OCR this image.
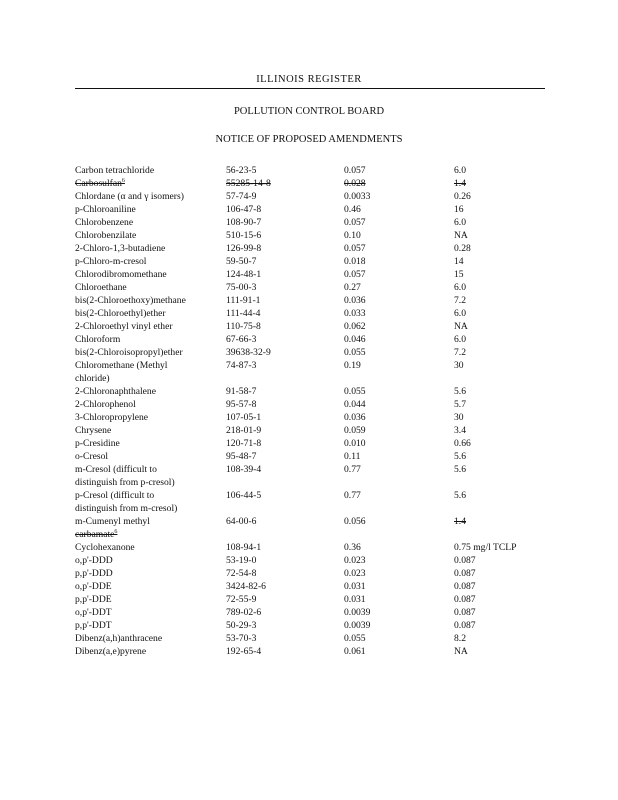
ILLINOIS REGISTER
POLLUTION CONTROL BOARD
NOTICE OF PROPOSED AMENDMENTS
Carbon tetrachloride	56-23-5	0.057	6.0
Carbosulfan$^6$	55285-14-8	0.028	1.4
Chlordane (α and γ isomers)	57-74-9	0.0033	0.26
p-Chloroaniline	106-47-8	0.46	16
Chlorobenzene	108-90-7	0.057	6.0
Chlorobenzilate	510-15-6	0.10	NA
2-Chloro-1,3-butadiene	126-99-8	0.057	0.28
p-Chloro-m-cresol	59-50-7	0.018	14
Chlorodibromomethane	124-48-1	0.057	15
Chloroethane	75-00-3	0.27	6.0
bis(2-Chloroethoxy)methane	111-91-1	0.036	7.2
bis(2-Chloroethyl)ether	111-44-4	0.033	6.0
2-Chloroethyl vinyl ether	110-75-8	0.062	NA
Chloroform	67-66-3	0.046	6.0
bis(2-Chloroisopropyl)ether	39638-32-9	0.055	7.2
Chloromethane (Methyl	74-87-3	0.19	30
chloride)
2-Chloronaphthalene	91-58-7	0.055	5.6
2-Chlorophenol	95-57-8	0.044	5.7
3-Chloropropylene	107-05-1	0.036	30
Chrysene	218-01-9	0.059	3.4
p-Cresidine	120-71-8	0.010	0.66
o-Cresol	95-48-7	0.11	5.6
m-Cresol (difficult to	108-39-4	0.77	5.6
distinguish from p-cresol)
p-Cresol (difficult to	106-44-5	0.77	5.6
distinguish from m-cresol)
m-Cumenyl methyl	64-00-6	0.056	1.4
carbamate$^6$
Cyclohexanone	108-94-1	0.36	0.75 mg/l TCLP
o,p'-DDD	53-19-0	0.023	0.087
p,p'-DDD	72-54-8	0.023	0.087
o,p'-DDE	3424-82-6	0.031	0.087
p,p'-DDE	72-55-9	0.031	0.087
o,p'-DDT	789-02-6	0.0039	0.087
p,p'-DDT	50-29-3	0.0039	0.087
Dibenz(a,h)anthracene	53-70-3	0.055	8.2
Dibenz(a,e)pyrene	192-65-4	0.061	NA
